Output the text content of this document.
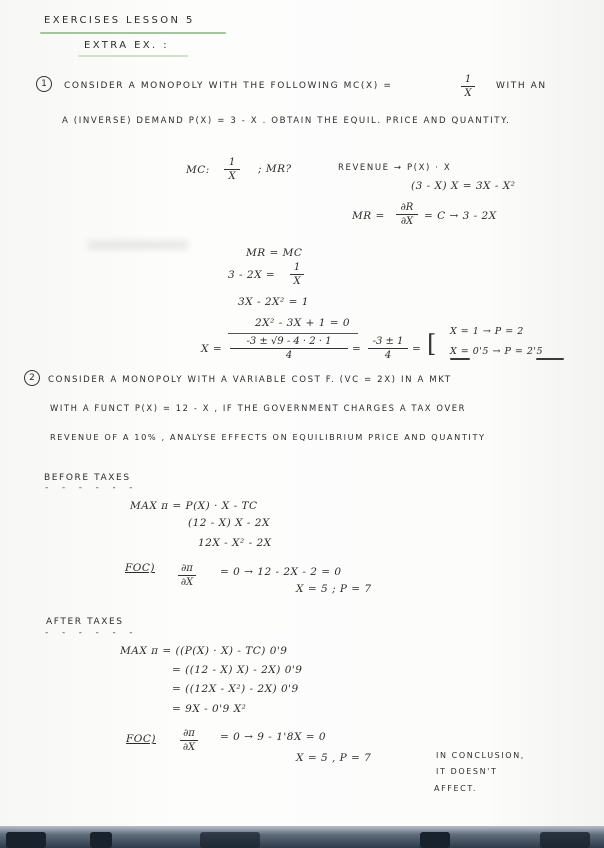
EXERCISES LESSON 5
EXTRA EX. :
1	CONSIDER A MONOPOLY WITH THE FOLLOWING MC(X) =
1
X
WITH AN
A (INVERSE) DEMAND P(X) = 3 - X . OBTAIN THE EQUIL. PRICE AND QUANTITY.
MC:
1
X
; MR?	REVENUE → P(X) · X
(3 - X) X = 3X - X²
MR =
∂R
∂X	= C → 3 - 2X
MR = MC
3 - 2X =
1
X
3X - 2X² = 1
2X² - 3X + 1 = 0
X =
-3 ± √9 - 4 · 2 · 1
4
=
-3 ± 1
4
= [ X = 1 → P = 2
X = 0'5 → P = 2'5
2	CONSIDER A MONOPOLY WITH A VARIABLE COST F. (VC = 2X) IN A MKT
WITH A FUNCT P(X) = 12 - X , IF THE GOVERNMENT CHARGES A TAX OVER
REVENUE OF A 10% , ANALYSE EFFECTS ON EQUILIBRIUM PRICE AND QUANTITY
BEFORE TAXES
- - - - - -
MAX π = P(X) · X - TC
(12 - X) X - 2X
12X - X² - 2X
FOC)	∂π
∂X
= 0 → 12 - 2X - 2 = 0
X = 5 ; P = 7
AFTER TAXES
- - - - - -
MAX π = ((P(X) · X) - TC) 0'9
= ((12 - X) X) - 2X) 0'9
= ((12X - X²) - 2X) 0'9
= 9X - 0'9 X²
FOC)	∂π
∂X
= 0 → 9 - 1'8X = 0
X = 5 , P = 7	IN CONCLUSION,
IT DOESN'T
AFFECT.
